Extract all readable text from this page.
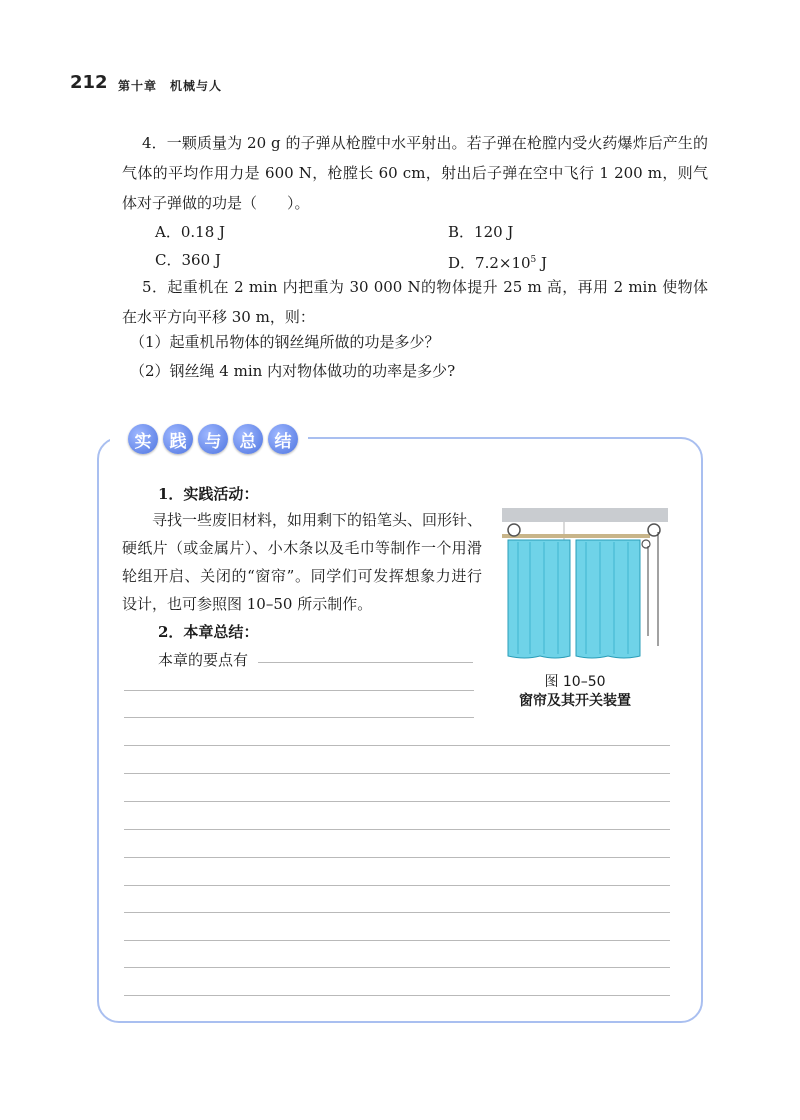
212 第十章　机械与人

4．一颗质量为 20 g 的子弹从枪膛中水平射出。若子弹在枪膛内受火药爆炸后产生的气体的平均作用力是 600 N，枪膛长 60 cm，射出后子弹在空中飞行 1 200 m，则气体对子弹做的功是（　　）。

A．0.18 J	B．120 J
C．360 J	D．$7.2\times 10^5$ J

5．起重机在 2 min 内把重为 30 000 N的物体提升 25 m 高，再用 2 min 使物体在水平方向平移 30 m，则：

（1）起重机吊物体的钢丝绳所做的功是多少？
（2）钢丝绳 4 min 内对物体做功的功率是多少?
实	践	与	总	结
1．实践活动：

寻找一些废旧材料，如用剩下的铅笔头、回形针、硬纸片（或金属片）、小木条以及毛巾等制作一个用滑轮组开启、关闭的“窗帘”。同学们可发挥想象力进行设计，也可参照图 10–50 所示制作。

2．本章总结：
本章的要点有
图 10–50
窗帘及其开关装置
